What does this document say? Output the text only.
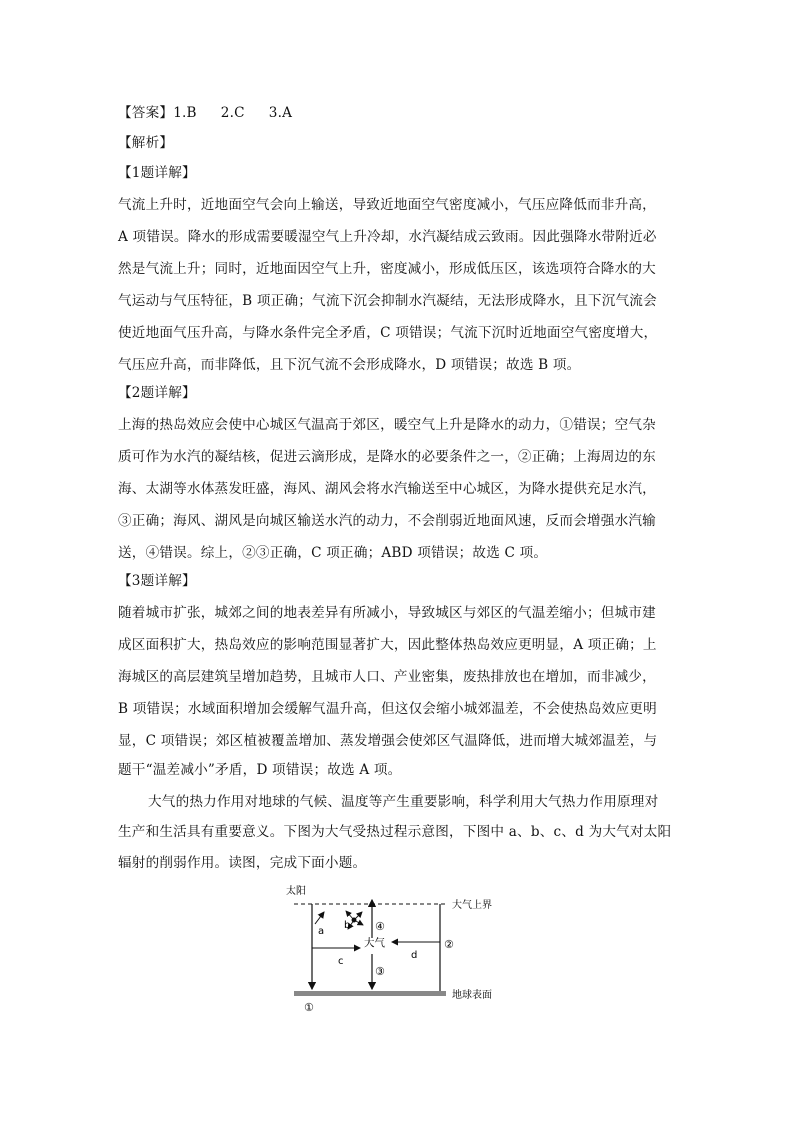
【答案】1.B 2.C 3.A
【解析】
【1题详解】
气流上升时，近地面空气会向上输送，导致近地面空气密度减小，气压应降低而非升高，
A 项错误。降水的形成需要暖湿空气上升冷却，水汽凝结成云致雨。因此强降水带附近必
然是气流上升；同时，近地面因空气上升，密度减小，形成低压区，该选项符合降水的大
气运动与气压特征，B 项正确；气流下沉会抑制水汽凝结，无法形成降水，且下沉气流会
使近地面气压升高，与降水条件完全矛盾，C 项错误；气流下沉时近地面空气密度增大，
气压应升高，而非降低，且下沉气流不会形成降水，D 项错误；故选 B 项。
【2题详解】
上海的热岛效应会使中心城区气温高于郊区，暖空气上升是降水的动力，①错误；空气杂
质可作为水汽的凝结核，促进云滴形成，是降水的必要条件之一，②正确；上海周边的东
海、太湖等水体蒸发旺盛，海风、湖风会将水汽输送至中心城区，为降水提供充足水汽，
③正确；海风、湖风是向城区输送水汽的动力，不会削弱近地面风速，反而会增强水汽输
送，④错误。综上，②③正确，C 项正确；ABD 项错误；故选 C 项。
【3题详解】
随着城市扩张，城郊之间的地表差异有所减小，导致城区与郊区的气温差缩小；但城市建
成区面积扩大，热岛效应的影响范围显著扩大，因此整体热岛效应更明显，A 项正确；上
海城区的高层建筑呈增加趋势，且城市人口、产业密集，废热排放也在增加，而非减少，
B 项错误；水域面积增加会缓解气温升高，但这仅会缩小城郊温差，不会使热岛效应更明
显，C 项错误；郊区植被覆盖增加、蒸发增强会使郊区气温降低，进而增大城郊温差，与
题干“温差减小”矛盾，D 项错误；故选 A 项。
大气的热力作用对地球的气候、温度等产生重要影响，科学利用大气热力作用原理对
生产和生活具有重要意义。下图为大气受热过程示意图，下图中 a、b、c、d 为大气对太阳
辐射的削弱作用。读图，完成下面小题。
太阳
大气上界
大气
地球表面
a
b
c
d
①
②
③
④
